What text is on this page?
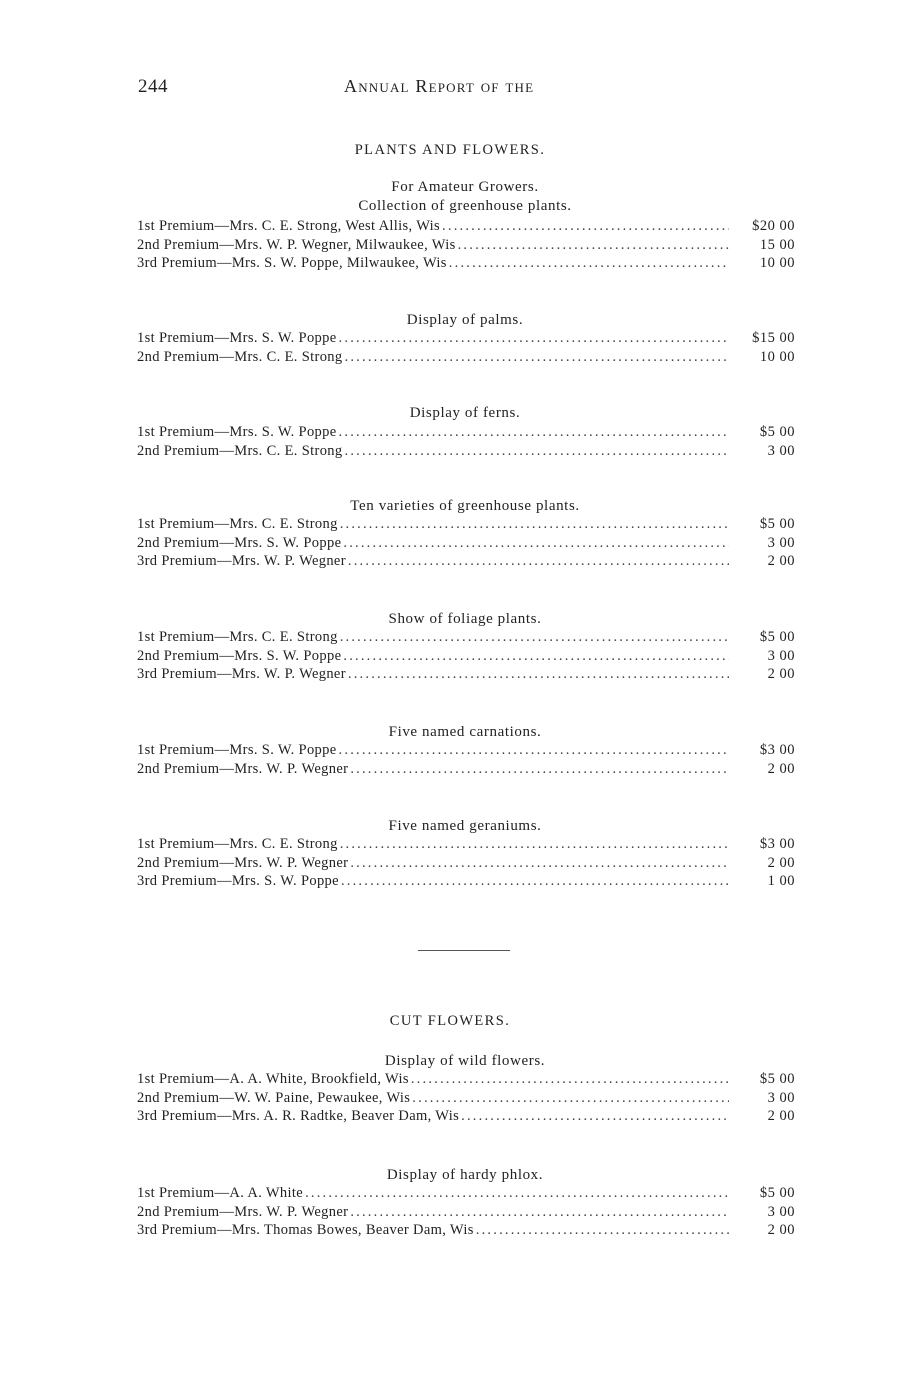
244	Annual Report of the
PLANTS AND FLOWERS.
For Amateur Growers.
Collection of greenhouse plants.
1st Premium—Mrs. C. E. Strong, West Allis, Wis .....	$20 00
2nd Premium—Mrs. W. P. Wegner, Milwaukee, Wis .....	15 00
3rd Premium—Mrs. S. W. Poppe, Milwaukee, Wis .....	10 00
Display of palms.
1st Premium—Mrs. S. W. Poppe .....	$15 00
2nd Premium—Mrs. C. E. Strong .....	10 00
Display of ferns.
1st Premium—Mrs. S. W. Poppe .....	$5 00
2nd Premium—Mrs. C. E. Strong .....	3 00
Ten varieties of greenhouse plants.
1st Premium—Mrs. C. E. Strong .....	$5 00
2nd Premium—Mrs. S. W. Poppe .....	3 00
3rd Premium—Mrs. W. P. Wegner .....	2 00
Show of foliage plants.
1st Premium—Mrs. C. E. Strong .....	$5 00
2nd Premium—Mrs. S. W. Poppe .....	3 00
3rd Premium—Mrs. W. P. Wegner .....	2 00
Five named carnations.
1st Premium—Mrs. S. W. Poppe .....	$3 00
2nd Premium—Mrs. W. P. Wegner .....	2 00
Five named geraniums.
1st Premium—Mrs. C. E. Strong .....	$3 00
2nd Premium—Mrs. W. P. Wegner .....	2 00
3rd Premium—Mrs. S. W. Poppe .....	1 00
CUT FLOWERS.
Display of wild flowers.
1st Premium—A. A. White, Brookfield, Wis .....	$5 00
2nd Premium—W. W. Paine, Pewaukee, Wis .....	3 00
3rd Premium—Mrs. A. R. Radtke, Beaver Dam, Wis .....	2 00
Display of hardy phlox.
1st Premium—A. A. White .....	$5 00
2nd Premium—Mrs. W. P. Wegner .....	3 00
3rd Premium—Mrs. Thomas Bowes, Beaver Dam, Wis .....	2 00
